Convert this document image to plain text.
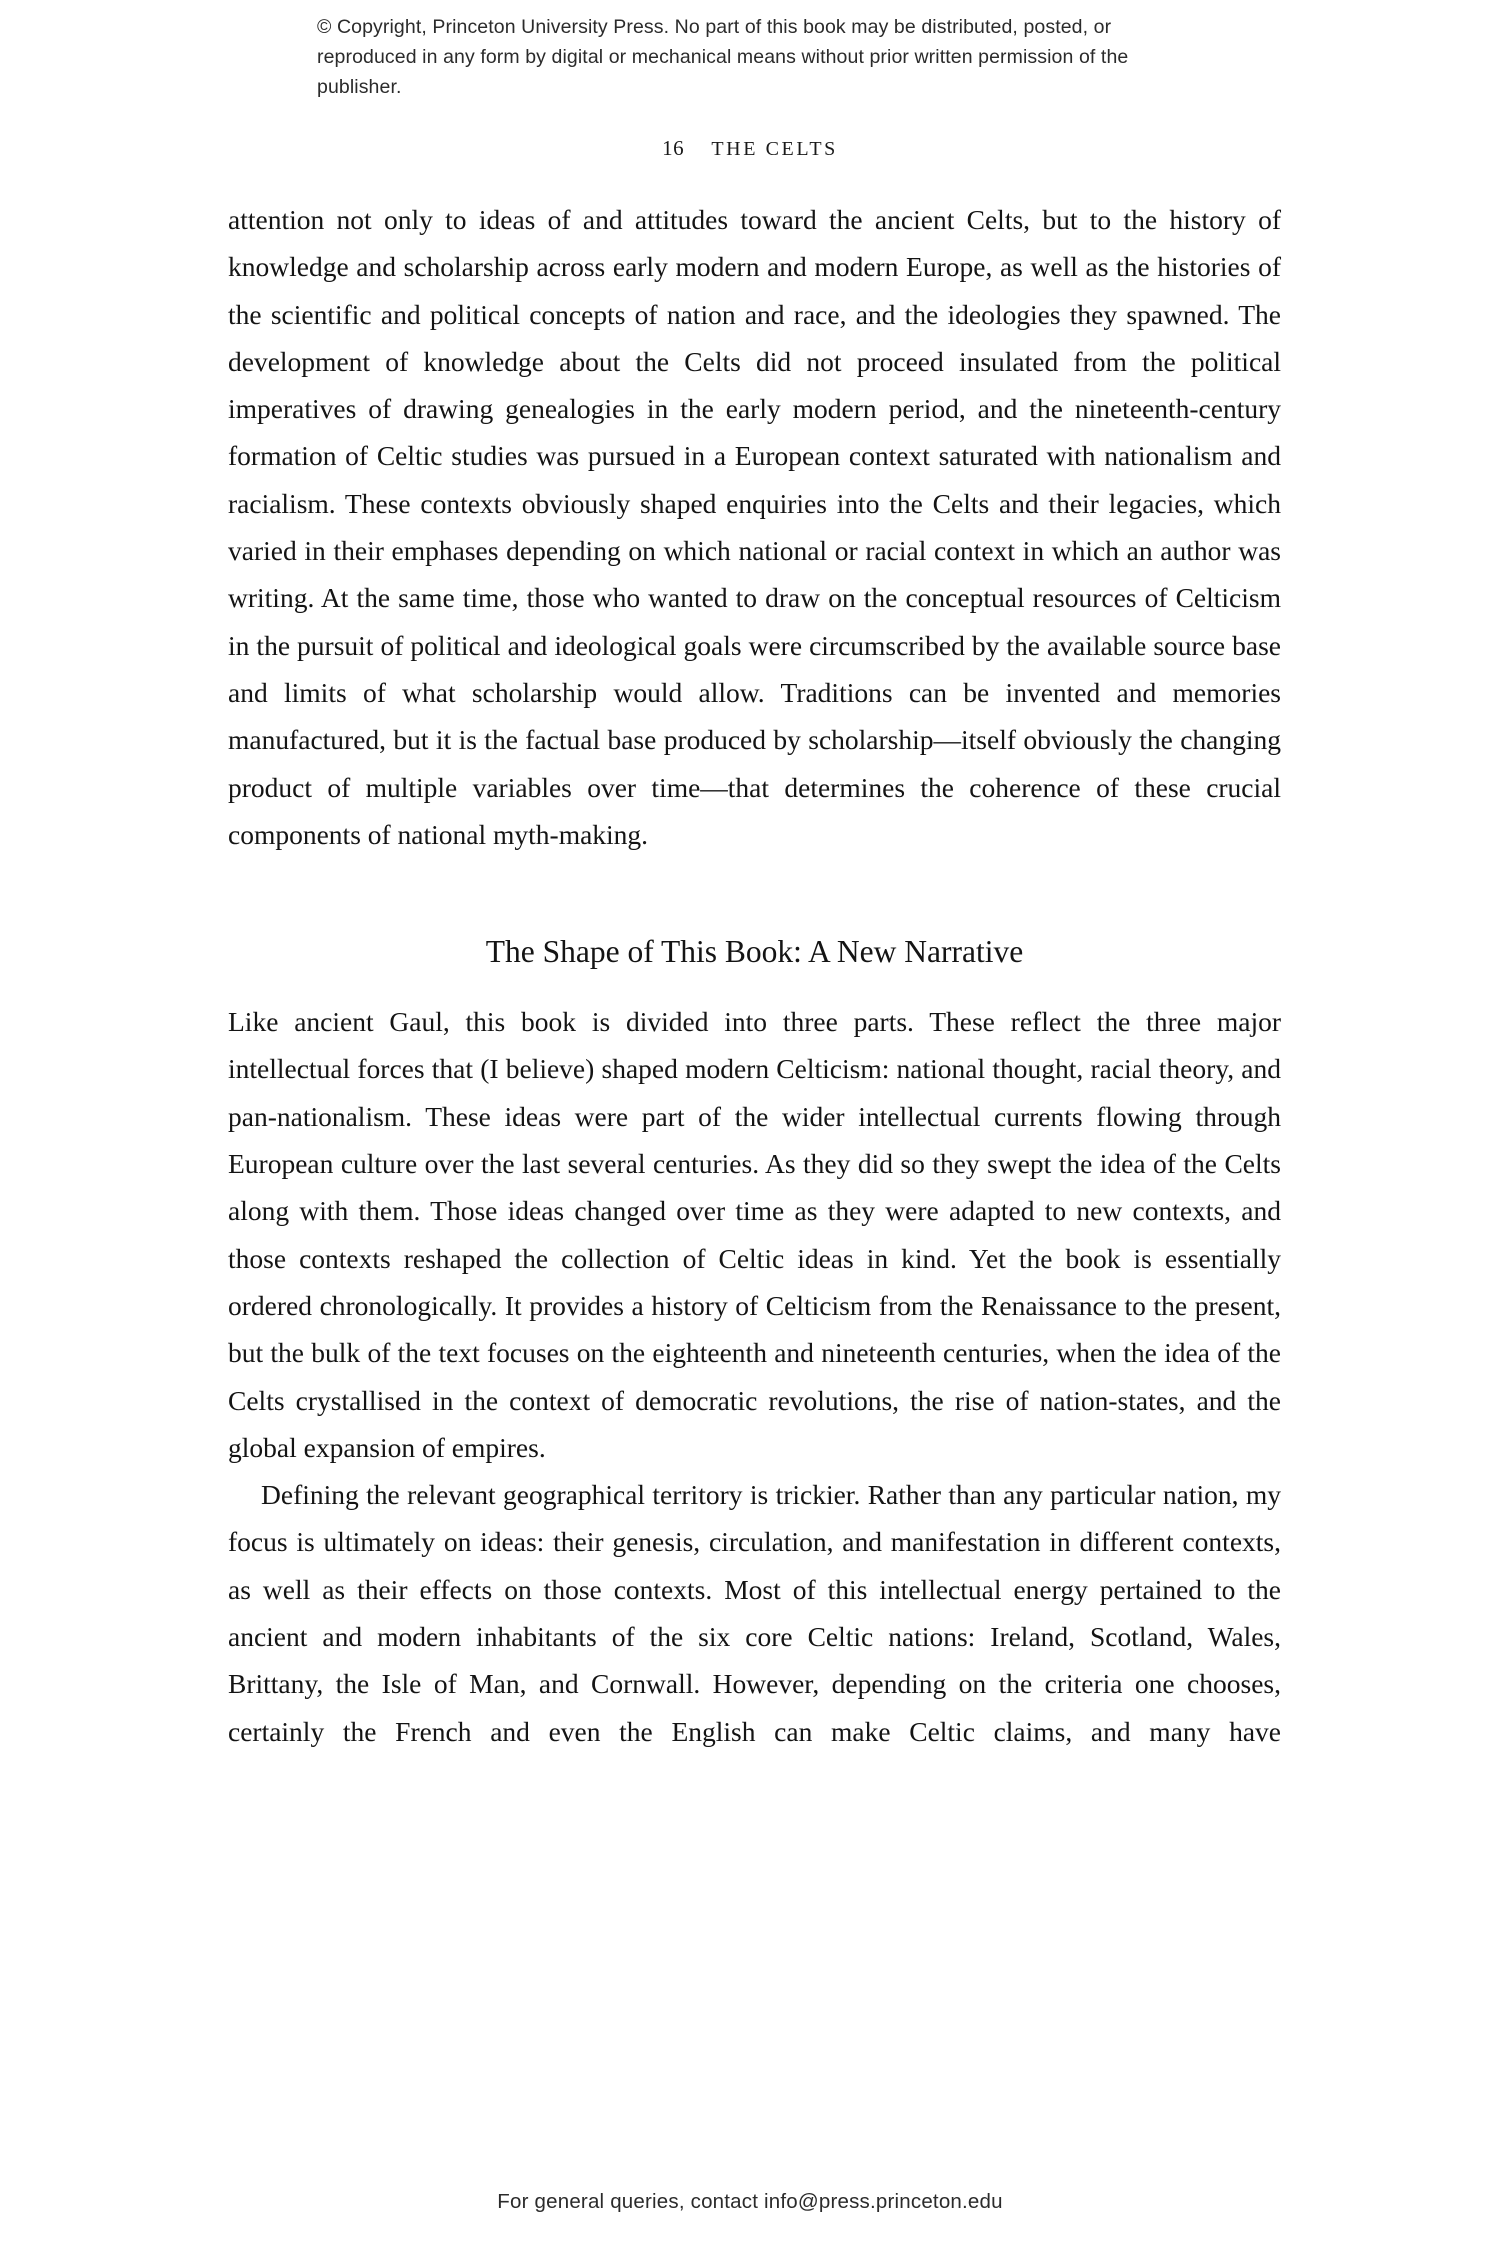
© Copyright, Princeton University Press. No part of this book may be distributed, posted, or reproduced in any form by digital or mechanical means without prior written permission of the publisher.
16 THE CELTS

attention not only to ideas of and attitudes toward the ancient Celts, but to the history of knowledge and scholarship across early modern and modern Europe, as well as the histories of the scientific and political concepts of nation and race, and the ideologies they spawned. The development of knowledge about the Celts did not proceed insulated from the political imperatives of drawing genealogies in the early modern period, and the nineteenth-century formation of Celtic studies was pursued in a European context saturated with nationalism and racialism. These contexts obviously shaped enquiries into the Celts and their legacies, which varied in their emphases depending on which national or racial context in which an author was writing. At the same time, those who wanted to draw on the conceptual resources of Celticism in the pursuit of political and ideological goals were circumscribed by the available source base and limits of what scholarship would allow. Traditions can be invented and memories manufactured, but it is the factual base produced by scholarship—itself obviously the changing product of multiple variables over time—that determines the coherence of these crucial components of national myth-making.

The Shape of This Book: A New Narrative

Like ancient Gaul, this book is divided into three parts. These reflect the three major intellectual forces that (I believe) shaped modern Celticism: national thought, racial theory, and pan-nationalism. These ideas were part of the wider intellectual currents flowing through European culture over the last several centuries. As they did so they swept the idea of the Celts along with them. Those ideas changed over time as they were adapted to new contexts, and those contexts reshaped the collection of Celtic ideas in kind. Yet the book is essentially ordered chronologically. It provides a history of Celticism from the Renaissance to the present, but the bulk of the text focuses on the eighteenth and nineteenth centuries, when the idea of the Celts crystallised in the context of democratic revolutions, the rise of nation-states, and the global expansion of empires.

Defining the relevant geographical territory is trickier. Rather than any particular nation, my focus is ultimately on ideas: their genesis, circulation, and manifestation in different contexts, as well as their effects on those contexts. Most of this intellectual energy pertained to the ancient and modern inhabitants of the six core Celtic nations: Ireland, Scotland, Wales, Brittany, the Isle of Man, and Cornwall. However, depending on the criteria one chooses, certainly the French and even the English can make Celtic claims, and many have

For general queries, contact info@press.princeton.edu
